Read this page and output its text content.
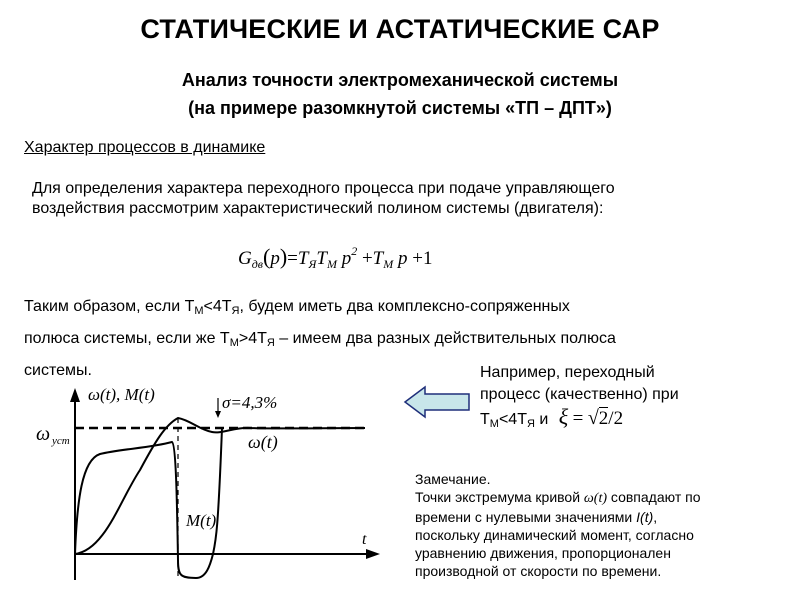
СТАТИЧЕСКИЕ И АСТАТИЧЕСКИЕ САР
Анализ точности электромеханической системы
(на примере разомкнутой системы «ТП – ДПТ»)
Характер процессов в динамике
Для определения характера переходного процесса при подаче управляющего
воздействия рассмотрим характеристический полином системы (двигателя):
$G_{дв}(p)=T_ЯT_M$ $p^2 +T_M$ p +1
Таким образом, если ТМ<4ТЯ, будем иметь два комплексно-сопряженных
полюса системы, если же ТМ>4ТЯ – имеем два разных действительных полюса
системы.
ω(t), M(t)
ω уст
σ=4,3%
ω(t)
M(t)
t
Например, переходный
процесс (качественно) при
ТМ<4ТЯ и ξ = √2/2
Замечание.
Точки экстремума кривой ω(t) совпадают по
времени с нулевыми значениями I(t),
поскольку динамический момент, согласно
уравнению движения, пропорционален
производной от скорости по времени.
